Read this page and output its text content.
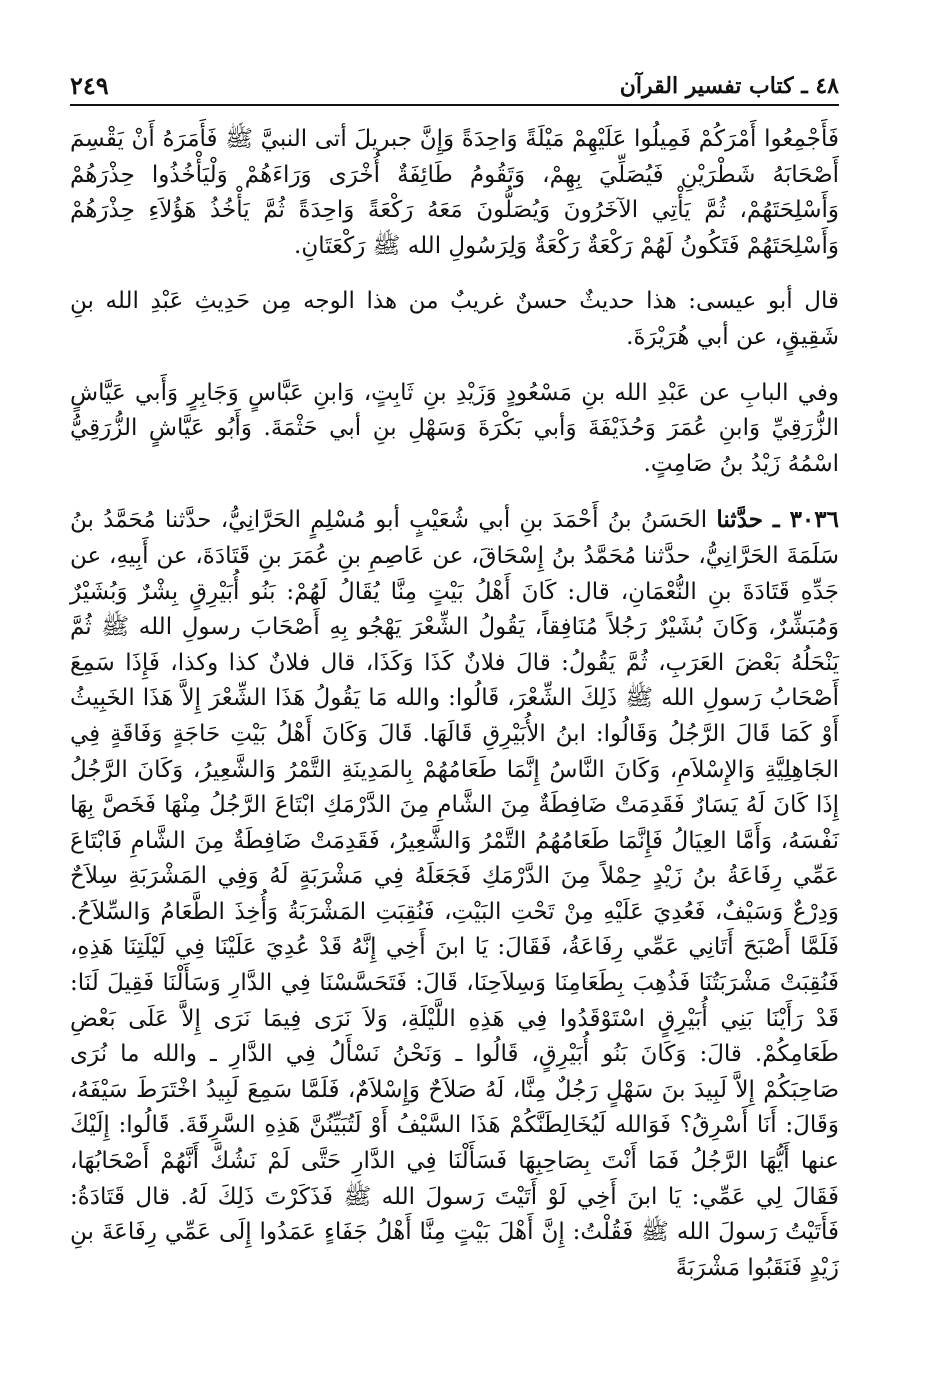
٤٨ ـ كتاب تفسير القرآن
٢٤٩

فَأَجْمِعُوا أَمْرَكُمْ فَمِيلُوا عَلَيْهِمْ مَيْلَةً وَاحِدَةً وَإِنَّ جبريلَ أتى النبيَّ ﷺ فَأَمَرَهُ أَنْ يَقْسِمَ أَصْحَابَهُ شَطْرَيْنِ فَيُصَلِّيَ بِهِمْ، وَتَقُومُ طَائِفَةٌ أُخْرَى وَرَاءَهُمْ وَلْيَأْخُذُوا حِذْرَهُمْ وَأَسْلِحَتَهُمْ، ثُمَّ يَأْتِي الآخَرُونَ وَيُصَلُّونَ مَعَهُ رَكْعَةً وَاحِدَةً ثُمَّ يَأْخُذُ هَؤُلاَءِ حِذْرَهُمْ وَأَسْلِحَتَهُمْ فَتَكُونُ لَهُمْ رَكْعَةٌ رَكْعَةٌ وَلِرَسُولِ الله ﷺ رَكْعَتَانِ.

قال أبو عيسى: هذا حديثٌ حسنٌ غريبٌ من هذا الوجه مِن حَدِيثِ عَبْدِ الله بنِ شَقِيقٍ، عن أبي هُرَيْرَةَ.

وفي البابِ عن عَبْدِ الله بنِ مَسْعُودٍ وَزَيْدِ بنِ ثَابِتٍ، وَابنِ عَبَّاسٍ وَجَابِرٍ وَأَبي عَيَّاشٍ الزُّرَقِيِّ وَابنِ عُمَرَ وَحُذَيْفَةَ وَأبي بَكْرَةَ وَسَهْلِ بنِ أبي حَثْمَةَ. وَأَبُو عَيَّاشٍ الزُّرَقِيُّ اسْمُهُ زَيْدُ بنُ صَامِتٍ.

٣٠٣٦ ـ حدَّثنا الحَسَنُ بنُ أَحْمَدَ بنِ أبي شُعَيْبٍ أبو مُسْلِمٍ الحَرَّانِيُّ، حدَّثنا مُحَمَّدُ بنُ سَلَمَةَ الحَرَّانِيُّ، حدَّثنا مُحَمَّدُ بنُ إِسْحَاقَ، عن عَاصِمِ بنِ عُمَرَ بنِ قَتَادَةَ، عن أَبِيهِ، عن جَدِّهِ قَتَادَةَ بنِ النُّعْمَانِ، قال: كَانَ أَهْلُ بَيْتٍ مِنَّا يُقَالُ لَهُمْ: بَنُو أُبَيْرِقٍ بِشْرٌ وَبُشَيْرٌ وَمُبَشِّرٌ، وَكَانَ بُشَيْرٌ رَجُلاً مُنَافِقاً، يَقُولُ الشِّعْرَ يَهْجُو بِهِ أَصْحَابَ رسولِ الله ﷺ ثُمَّ يَنْحَلُهُ بَعْضَ العَرَبِ، ثُمَّ يَقُولُ: قالَ فلانٌ كَذَا وَكَذَا، قال فلانٌ كذا وكذا، فَإِذَا سَمِعَ أَصْحَابُ رَسولِ الله ﷺ ذَلِكَ الشِّعْرَ، قَالُوا: والله مَا يَقُولُ هَذَا الشِّعْرَ إِلاَّ هَذَا الخَبِيثُ أَوْ كَمَا قَالَ الرَّجُلُ وَقَالُوا: ابنُ الأُبَيْرِقِ قَالَهَا. قَالَ وَكَانَ أَهْلُ بَيْتِ حَاجَةٍ وَفَاقَةٍ فِي الجَاهِلِيَّةِ وَالإِسْلاَمِ، وَكَانَ النَّاسُ إِنَّمَا طَعَامُهُمْ بِالمَدِينَةِ التَّمْرُ وَالشَّعِيرُ، وَكَانَ الرَّجُلُ إِذَا كَانَ لَهُ يَسَارٌ فَقَدِمَتْ ضَافِطَةٌ مِنَ الشَّامِ مِنَ الدَّرْمَكِ ابْتَاعَ الرَّجُلُ مِنْهَا فَخَصَّ بِهَا نَفْسَهُ، وَأَمَّا العِيَالُ فَإِنَّمَا طَعَامُهُمُ التَّمْرُ وَالشَّعِيرُ، فَقَدِمَتْ ضَافِطَةٌ مِنَ الشَّامِ فَابْتَاعَ عَمِّي رِفَاعَةُ بنُ زَيْدٍ حِمْلاً مِنَ الدَّرْمَكِ فَجَعَلَهُ فِي مَشْرَبَةٍ لَهُ وَفِي المَشْرَبَةِ سِلاَحٌ وَدِرْعٌ وَسَيْفٌ، فَعُدِيَ عَلَيْهِ مِنْ تَحْتِ البَيْتِ، فَنُقِبَتِ المَشْرَبَةُ وَأُخِذَ الطَّعَامُ وَالسِّلاَحُ. فَلَمَّا أَصْبَحَ أَتَانِي عَمِّي رِفَاعَةُ، فَقَالَ: يَا ابنَ أَخِي إِنَّهُ قَدْ عُدِيَ عَلَيْنَا فِي لَيْلَتِنَا هَذِهِ، فَنُقِبَتْ مَشْرَبَتُنَا فَذُهِبَ بِطَعَامِنَا وَسِلاَحِنَا، قَالَ: فَتَحَسَّسْنَا فِي الدَّارِ وَسَأَلْنَا فَقِيلَ لَنَا: قَدْ رَأَيْنَا بَنِي أُبَيْرِقٍ اسْتَوْقَدُوا فِي هَذِهِ اللَّيْلَةِ، وَلاَ نَرَى فِيمَا نَرَى إِلاَّ عَلَى بَعْضِ طَعَامِكُمْ. قالَ: وَكَانَ بَنُو أُبَيْرِقٍ، قَالُوا ـ وَنَحْنُ نَسْأَلُ فِي الدَّارِ ـ والله ما نُرَى صَاحِبَكُمْ إِلاَّ لَبِيدَ بنَ سَهْلٍ رَجُلٌ مِنَّا، لَهُ صَلاَحٌ وَإِسْلاَمٌ، فَلَمَّا سَمِعَ لَبِيدُ اخْتَرَطَ سَيْفَهُ، وَقَالَ: أَنَا أَسْرِقُ؟ فَوَالله لَيُخَالِطَنَّكُمْ هَذَا السَّيْفُ أَوْ لَتُبَيِّنُنَّ هَذِهِ السَّرِقَةَ. قَالُوا: إِلَيْكَ عنها أَيُّهَا الرَّجُلُ فَمَا أَنْتَ بِصَاحِبِهَا فَسَأَلْنَا فِي الدَّارِ حَتَّى لَمْ نَشُكَّ أَنَّهُمْ أَصْحَابُهَا، فَقَالَ لِي عَمِّي: يَا ابنَ أَخِي لَوْ أَتَيْتَ رَسولَ الله ﷺ فَذَكَرْتَ ذَلِكَ لَهُ. قال قَتَادَةُ: فَأَتَيْتُ رَسولَ الله ﷺ فَقُلْتُ: إِنَّ أَهْلَ بَيْتٍ مِنَّا أَهْلُ جَفَاءٍ عَمَدُوا إِلَى عَمِّي رِفَاعَةَ بنِ زَيْدٍ فَنَقَبُوا مَشْرَبَةً
